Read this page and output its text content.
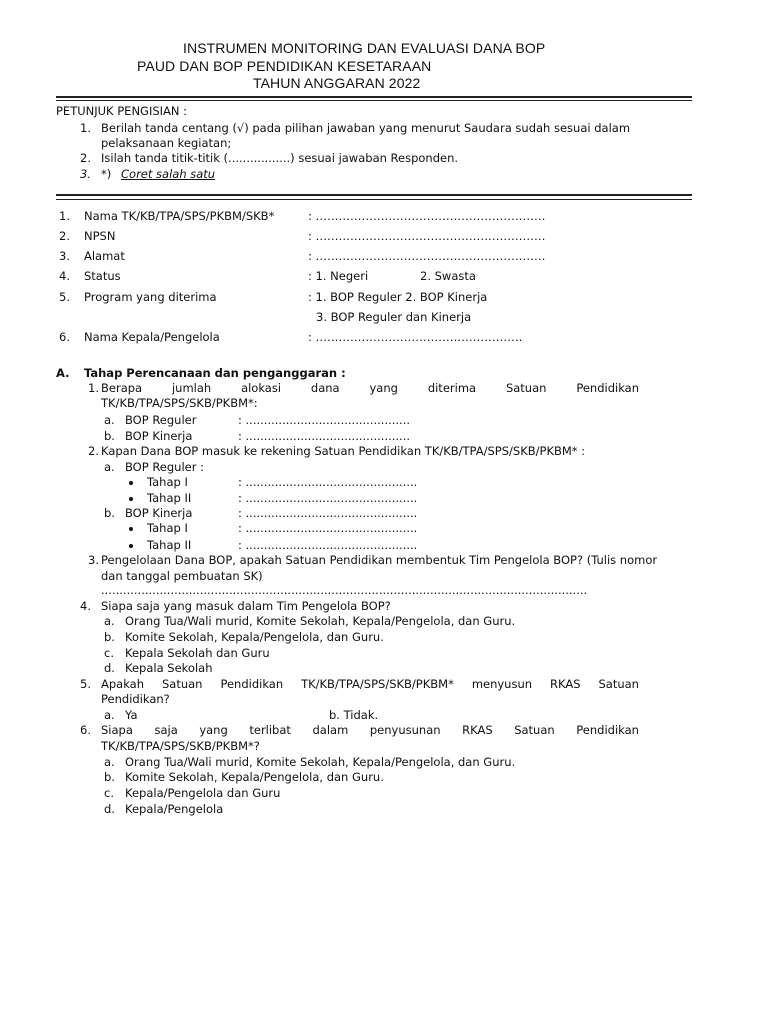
INSTRUMEN MONITORING DAN EVALUASI DANA BOP
PAUD DAN BOP PENDIDIKAN KESETARAAN
TAHUN ANGGARAN 2022
PETUNJUK PENGISIAN :
1. Berilah tanda centang (√) pada pilihan jawaban yang menurut Saudara sudah sesuai dalam
pelaksanaan kegiatan;
2. Isilah tanda titik-titik (.................) sesuai jawaban Responden.
3. *) Coret salah satu
1. Nama TK/KB/TPA/SPS/PKBM/SKB*	: ……………………………………………………
2. NPSN	: ……………………………………………………
3. Alamat	: ……………………………………………………
4. Status	: 1. Negeri	2. Swasta
5. Program yang diterima	: 1. BOP Reguler 2. BOP Kinerja
3. BOP Reguler dan Kinerja
6. Nama Kepala/Pengelola	: ………………………………………………
A. Tahap Perencanaan dan penganggaran :
1. Berapa	jumlah	alokasi	dana	yang	diterima	Satuan	Pendidikan
TK/KB/TPA/SPS/SKB/PKBM*:
a. BOP Reguler	: .............................................
b. BOP Kinerja	: .............................................
2. Kapan Dana BOP masuk ke rekening Satuan Pendidikan TK/KB/TPA/SPS/SKB/PKBM* :
a. BOP Reguler :
Tahap I	: ...............................................
Tahap II	: ...............................................
b. BOP Kinerja	: ...............................................
Tahap I	: ...............................................
Tahap II	: ...............................................
3. Pengelolaan Dana BOP, apakah Satuan Pendidikan membentuk Tim Pengelola BOP? (Tulis nomor
dan tanggal pembuatan SK)
.....................................................................................................................................
4. Siapa saja yang masuk dalam Tim Pengelola BOP?
a. Orang Tua/Wali murid, Komite Sekolah, Kepala/Pengelola, dan Guru.
b. Komite Sekolah, Kepala/Pengelola, dan Guru.
c. Kepala Sekolah dan Guru
d. Kepala Sekolah
5. Apakah Satuan Pendidikan TK/KB/TPA/SPS/SKB/PKBM* menyusun RKAS Satuan
Pendidikan?
a. Ya	b. Tidak.
6. Siapa saja yang terlibat dalam penyusunan RKAS Satuan Pendidikan
TK/KB/TPA/SPS/SKB/PKBM*?
a. Orang Tua/Wali murid, Komite Sekolah, Kepala/Pengelola, dan Guru.
b. Komite Sekolah, Kepala/Pengelola, dan Guru.
c. Kepala/Pengelola dan Guru
d. Kepala/Pengelola
